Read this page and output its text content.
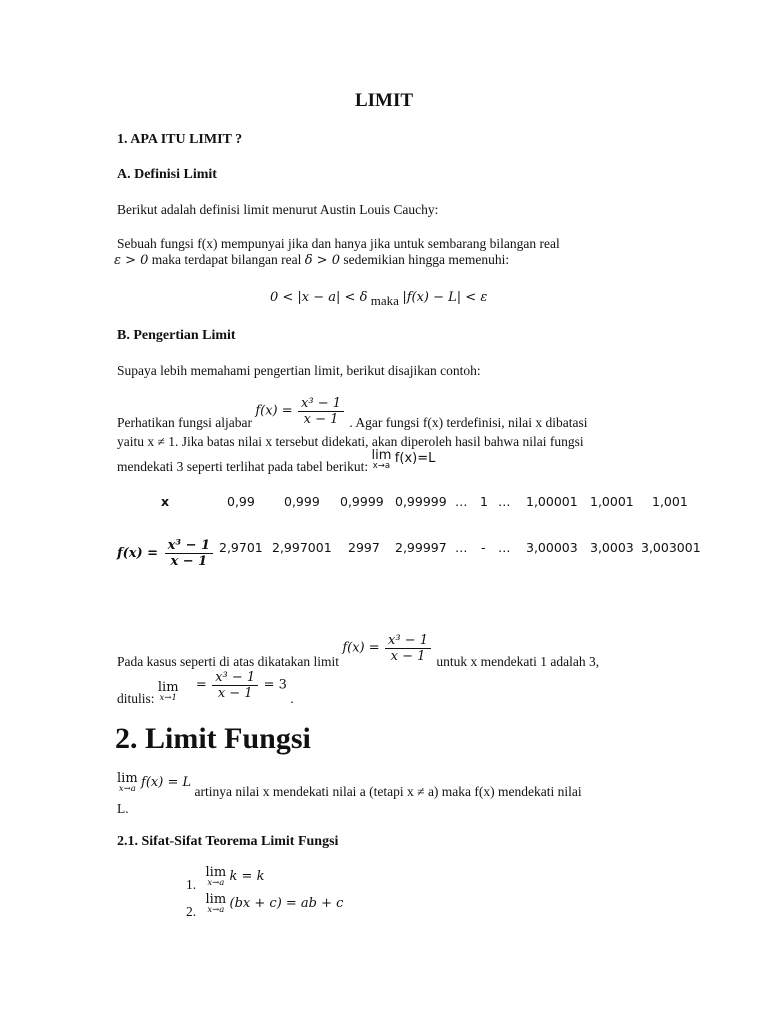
LIMIT
1. APA ITU LIMIT ?
A. Definisi Limit
Berikut adalah definisi limit menurut Austin Louis Cauchy:
Sebuah fungsi f(x) mempunyai jika dan hanya jika untuk sembarang bilangan real
ε > 0 maka terdapat bilangan real δ > 0 sedemikian hingga memenuhi:
0 < |x − a| < δ maka |f(x) − L| < ε
B. Pengertian Limit
Supaya lebih memahami pengertian limit, berikut disajikan contoh:
Perhatikan fungsi aljabar $f(x) = \frac{\text{x³ − 1}}{x - 1}$ . Agar fungsi f(x) terdefinisi, nilai x dibatasi
yaitu x ≠ 1. Jika batas nilai x tersebut didekati, akan diperoleh hasil bahwa nilai fungsi
mendekati 3 seperti terlihat pada tabel berikut:
lim
x→a f(x)=L
x	0,99 0,999 0,9999 0,99999 … 1 … 1,00001 1,0001 1,001
$f(x) = \frac{\text{x³ − 1}}{x - 1} 2,9701$ 2,997001 2997 2,99997 … - … 3,00003 3,0003 3,003001
Pada kasus seperti di atas dikatakan limit $f(x) = \frac{\text{x³ − 1}}{x - 1}$ untuk x mendekati 1 adalah 3,
ditulis:
lim
x→1
= $\frac{\text{x³ − 1}}{x - 1} = 3$ .
2. Limit Fungsi
lim
x→a f(x) = L artinya nilai x mendekati nilai a (tetapi x ≠ a) maka f(x) mendekati nilai
L.
2.1. Sifat-Sifat Teorema Limit Fungsi
1.
lim
x→a k = k
2.
lim
x→a (bx + c) = ab + c
